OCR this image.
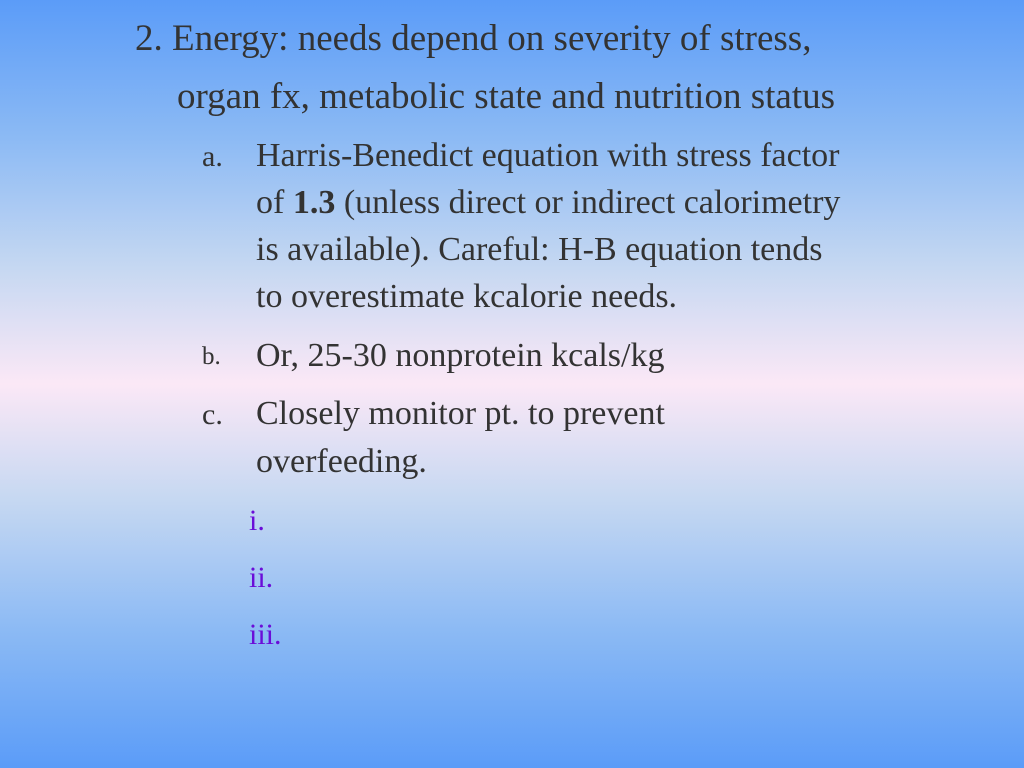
2. Energy: needs depend on severity of stress,
organ fx, metabolic state and nutrition status
a. Harris-Benedict equation with stress factor
of 1.3 (unless direct or indirect calorimetry
is available). Careful: H-B equation tends
to overestimate kcalorie needs.
b. Or, 25-30 nonprotein kcals/kg
c. Closely monitor pt. to prevent
overfeeding.
i.
ii.
iii.
